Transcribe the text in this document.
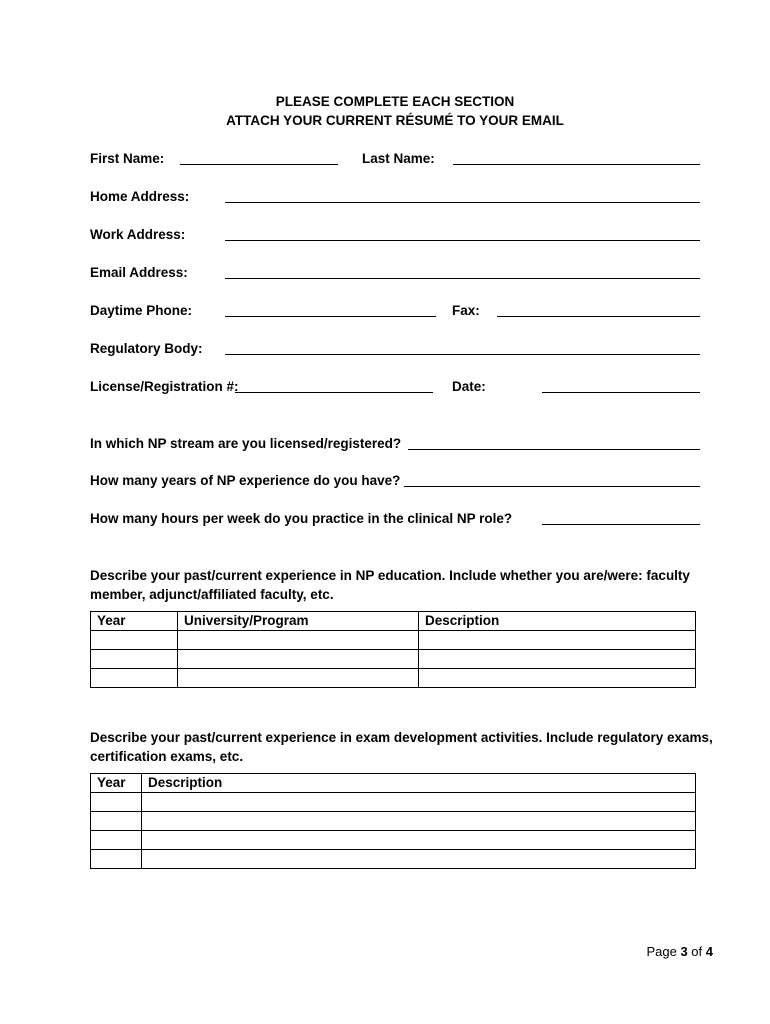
PLEASE COMPLETE EACH SECTION
ATTACH YOUR CURRENT RÉSUMÉ TO YOUR EMAIL
First Name:	Last Name:
Home Address:
Work Address:
Email Address:
Daytime Phone:	Fax:
Regulatory Body:
License/Registration #:	Date:
In which NP stream are you licensed/registered?
How many years of NP experience do you have?
How many hours per week do you practice in the clinical NP role?
Describe your past/current experience in NP education. Include whether you are/were: faculty
member, adjunct/affiliated faculty, etc.
Year	University/Program	Description

Describe your past/current experience in exam development activities. Include regulatory exams,
certification exams, etc.
Year	Description

Page 3 of 4
